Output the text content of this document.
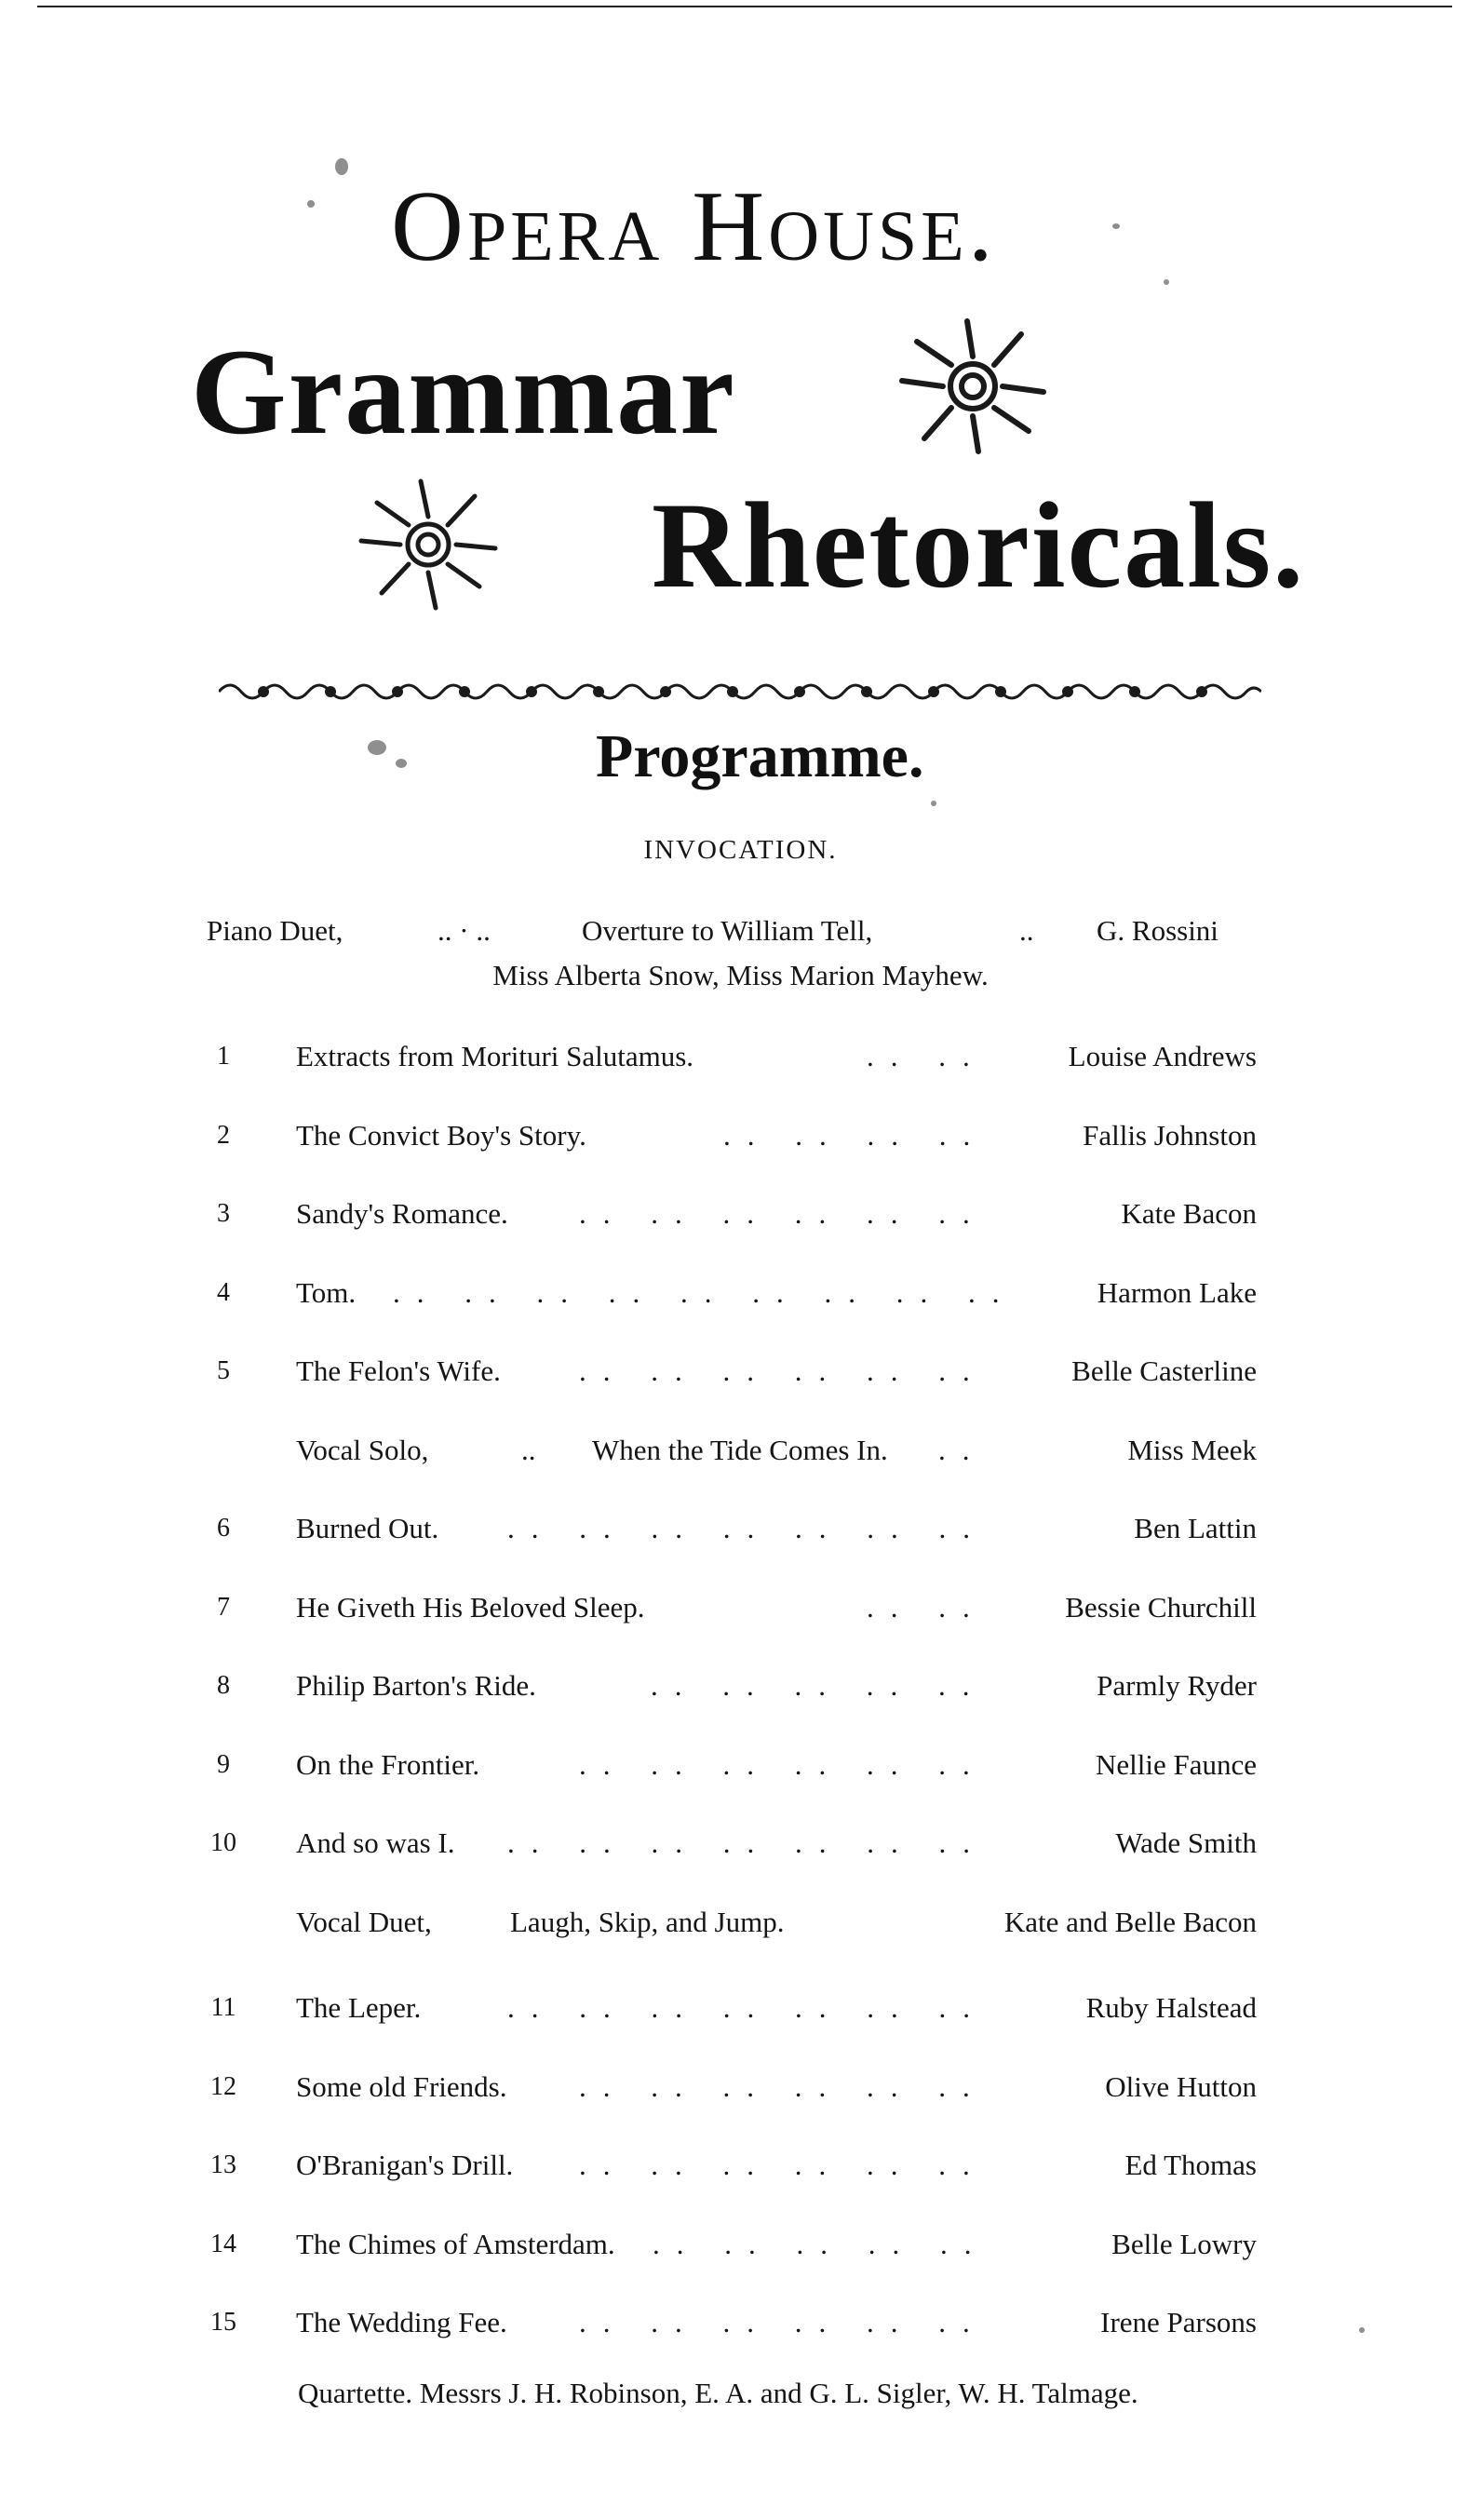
Opera House.
Grammar
Rhetoricals.
Programme.
INVOCATION.
Piano Duet,	.. · ..	Overture to William Tell,	.. G. Rossini
Miss Alberta Snow, Miss Marion Mayhew.
1	Extracts from Morituri Salutamus.	.. ..	Louise Andrews
2	The Convict Boy's Story.	.. .. .. ..	Fallis Johnston
3	Sandy's Romance. .. .. .. .. .. ..	Kate Bacon
4	Tom. .. .. .. .. .. .. .. .. ..	Harmon Lake
5	The Felon's Wife.	.. .. .. .. .. ..	Belle Casterline
Vocal Solo,	.. When the Tide Comes In. ..	Miss Meek
6	Burned Out. .. .. .. .. .. .. ..	Ben Lattin
7	He Giveth His Beloved Sleep.	.. ..	Bessie Churchill
8	Philip Barton's Ride.	.. .. .. .. ..	Parmly Ryder
9	On the Frontier.	.. .. .. .. .. ..	Nellie Faunce
10	And so was I. .. .. .. .. .. .. ..	Wade Smith
Vocal Duet,	Laugh, Skip, and Jump.	Kate and Belle Bacon
11	The Leper.	.. .. .. .. .. .. ..	Ruby Halstead
12	Some old Friends.	.. .. .. .. .. ..	Olive Hutton
13	O'Branigan's Drill. .. .. .. .. .. ..	Ed Thomas
14	The Chimes of Amsterdam. .. .. .. .. ..	Belle Lowry
15	The Wedding Fee. .. .. .. .. .. ..	Irene Parsons
Quartette. Messrs J. H. Robinson, E. A. and G. L. Sigler, W. H. Talmage.
